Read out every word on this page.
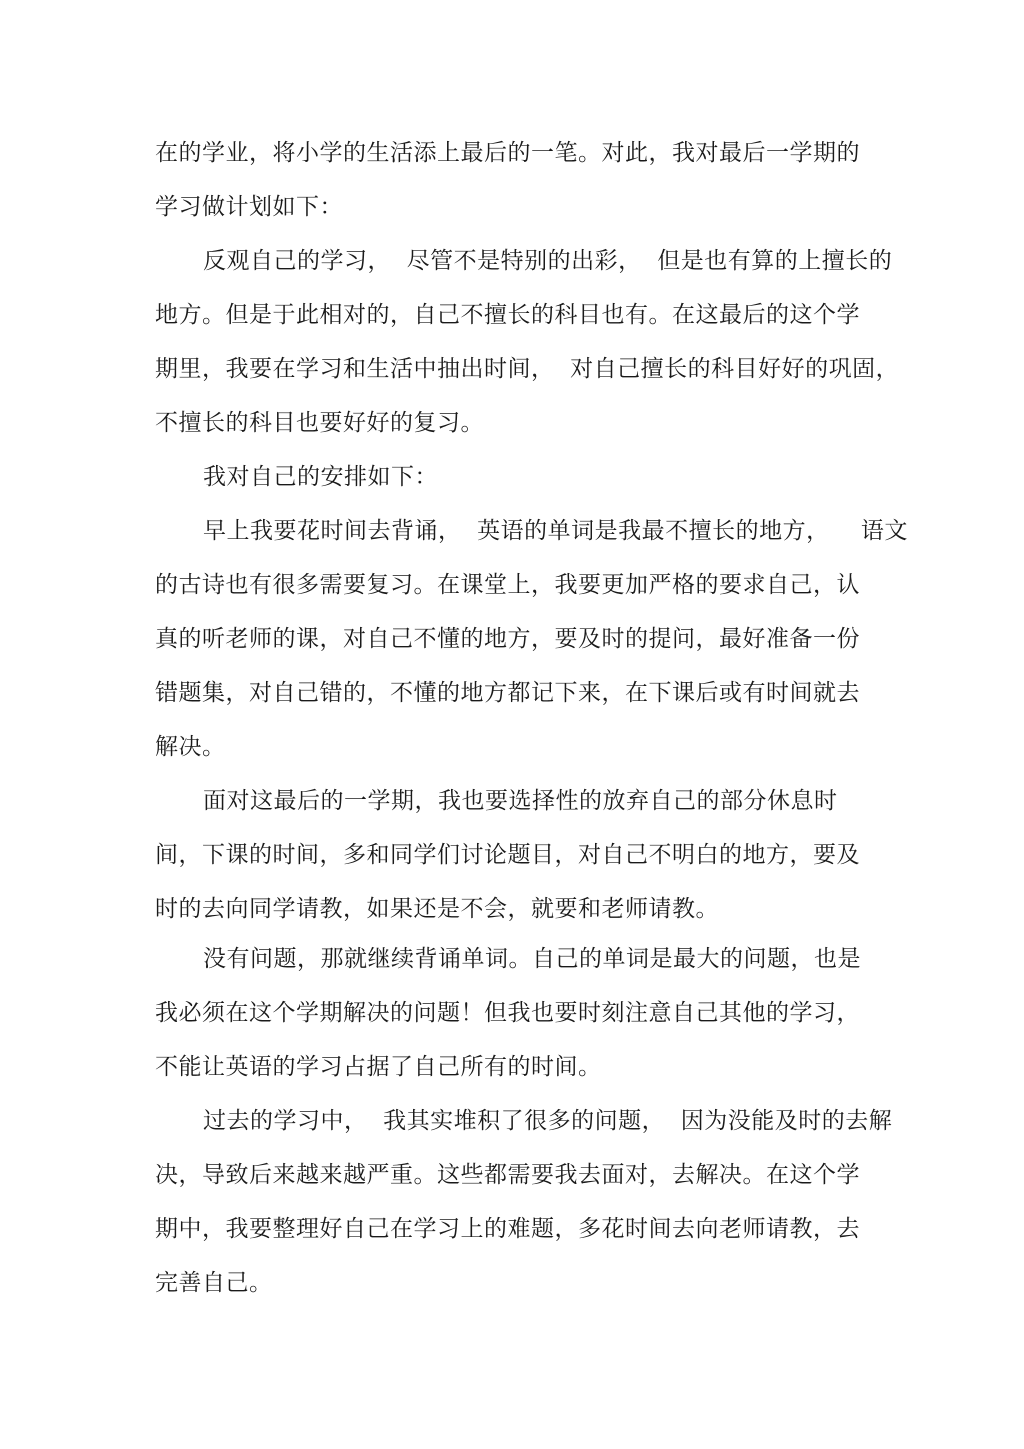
在的学业，将小学的生活添上最后的一笔。对此，我对最后一学期的
学习做计划如下：
反观自己的学习，  尽管不是特别的出彩，  但是也有算的上擅长的
地方。但是于此相对的，自己不擅长的科目也有。在这最后的这个学
期里，我要在学习和生活中抽出时间，  对自己擅长的科目好好的巩固，
不擅长的科目也要好好的复习。
我对自己的安排如下：
早上我要花时间去背诵，  英语的单词是我最不擅长的地方，    语文
的古诗也有很多需要复习。在课堂上，我要更加严格的要求自己，认
真的听老师的课，对自己不懂的地方，要及时的提问，最好准备一份
错题集，对自己错的，不懂的地方都记下来，在下课后或有时间就去
解决。
面对这最后的一学期，我也要选择性的放弃自己的部分休息时
间，下课的时间，多和同学们讨论题目，对自己不明白的地方，要及
时的去向同学请教，如果还是不会，就要和老师请教。
没有问题，那就继续背诵单词。自己的单词是最大的问题，也是
我必须在这个学期解决的问题！但我也要时刻注意自己其他的学习，
不能让英语的学习占据了自己所有的时间。
过去的学习中，  我其实堆积了很多的问题，  因为没能及时的去解
决，导致后来越来越严重。这些都需要我去面对，去解决。在这个学
期中，我要整理好自己在学习上的难题，多花时间去向老师请教，去
完善自己。
